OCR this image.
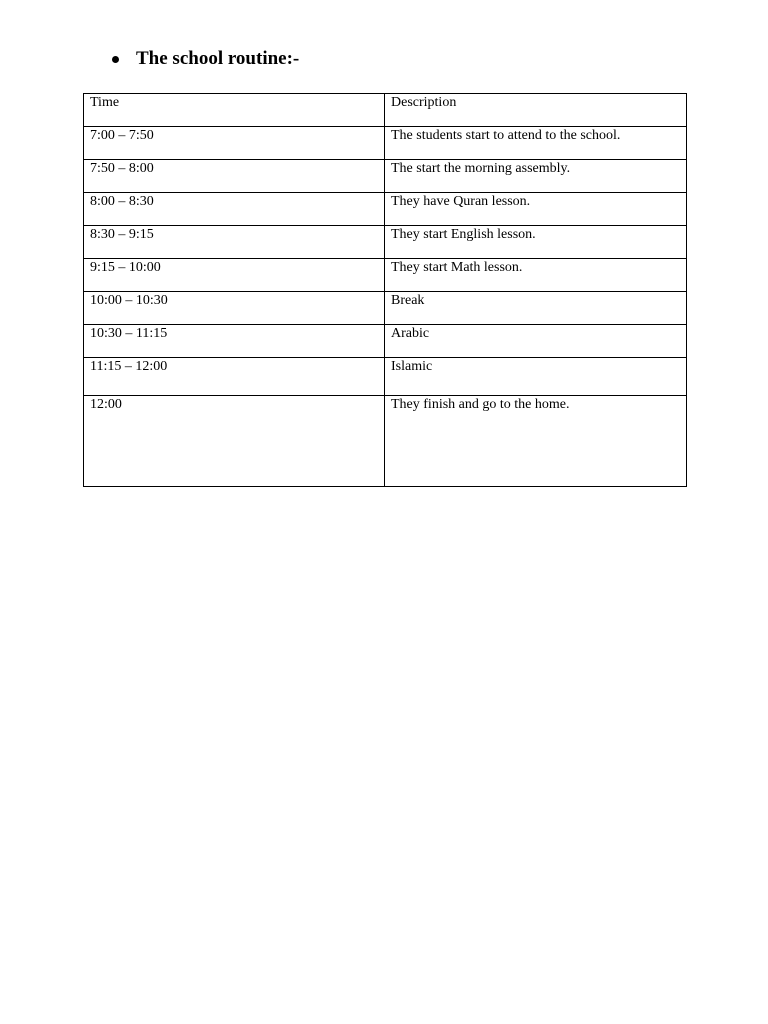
The school routine:-
Time	Description
7:00 – 7:50	The students start to attend to the school.
7:50 – 8:00	The start the morning assembly.
8:00 – 8:30	They have Quran lesson.
8:30 – 9:15	They start English lesson.
9:15 – 10:00	They start Math lesson.
10:00 – 10:30	Break
10:30 – 11:15	Arabic
11:15 – 12:00	Islamic
12:00	They finish and go to the home.
